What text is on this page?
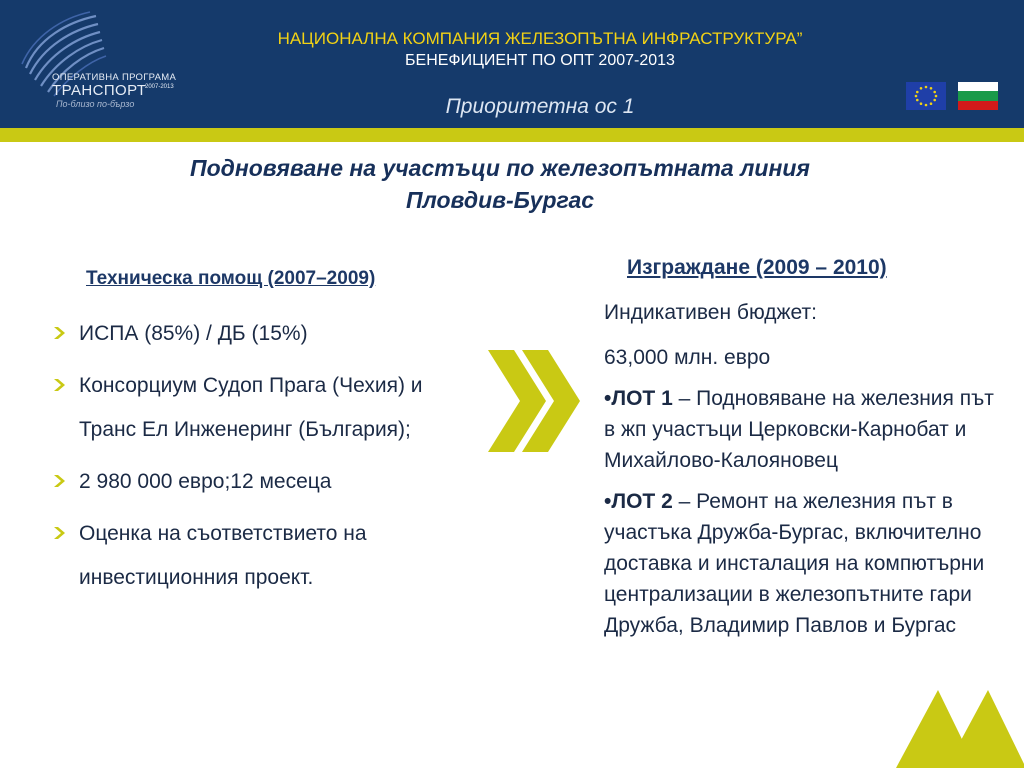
ОПЕРАТИВНА ПРОГРАМА
ТРАНСПОРТ
2007-2013
По-близо по-бързо
НАЦИОНАЛНА КОМПАНИЯ ЖЕЛЕЗОПЪТНА ИНФРАСТРУКТУРА”
БЕНЕФИЦИЕНТ ПО ОПТ 2007-2013
Приоритетна ос 1
Подновяване на участъци по железопътната линия
Пловдив-Бургас
Техническа помощ (2007–2009)
ИСПА (85%) / ДБ (15%)
Консорциум Судоп Прага (Чехия) и Транс Ел Инженеринг (България);
2 980 000 евро;12 месеца
Оценка на съответствието на инвестиционния проект.
Изграждане (2009 – 2010)

Индикативен бюджет:

63,000 млн. евро

•ЛОТ 1 – Подновяване на железния път в жп участъци Церковски-Карнобат и Михайлово-Калояновец

•ЛОТ 2 – Ремонт на железния път в участъка Дружба-Бургас, включително доставка и инсталация на компютърни централизации в железопътните гари Дружба, Владимир Павлов и Бургас
